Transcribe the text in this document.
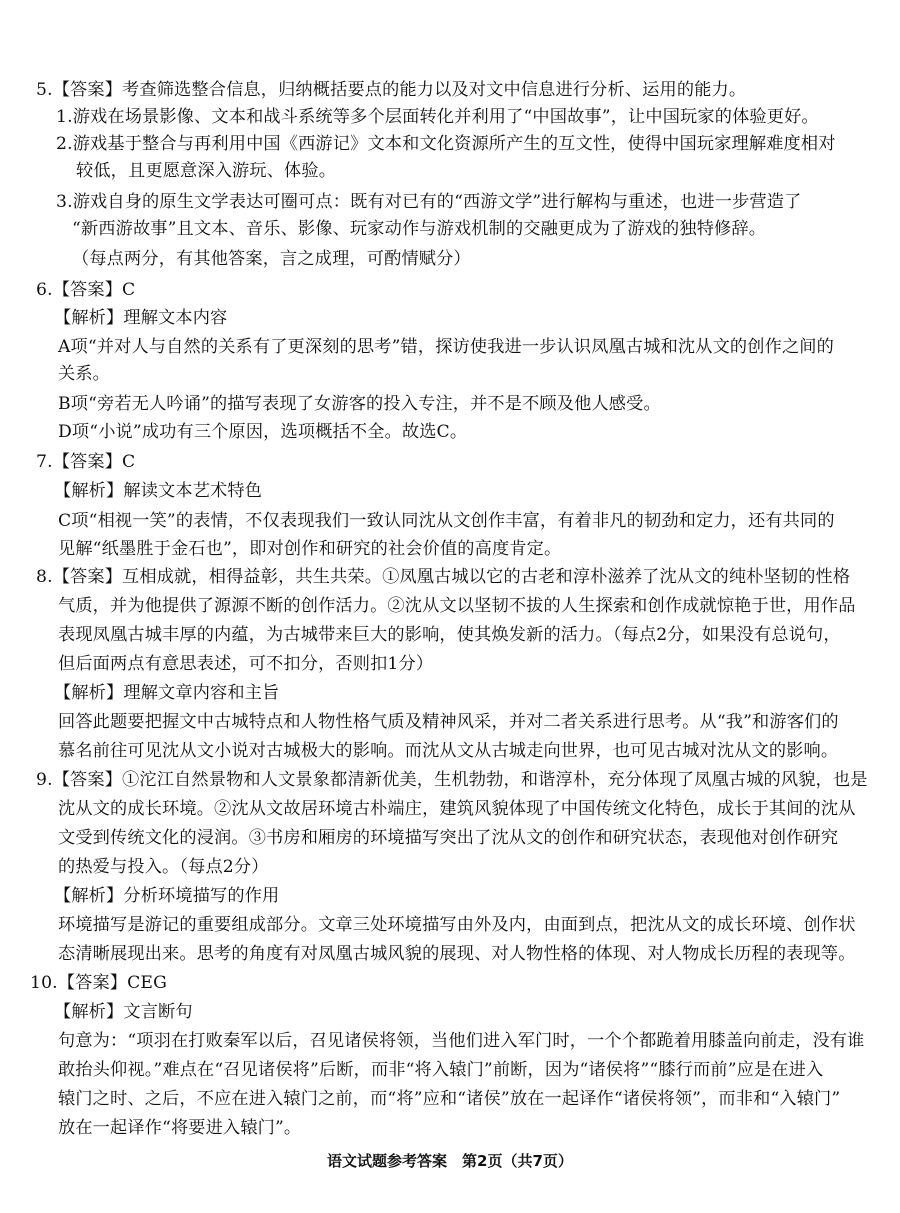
5.【答案】考查筛选整合信息，归纳概括要点的能力以及对文中信息进行分析、运用的能力。
1.游戏在场景影像、文本和战斗系统等多个层面转化并利用了“中国故事”，让中国玩家的体验更好。
2.游戏基于整合与再利用中国《西游记》文本和文化资源所产生的互文性，使得中国玩家理解难度相对
较低，且更愿意深入游玩、体验。
3.游戏自身的原生文学表达可圈可点：既有对已有的“西游文学”进行解构与重述，也进一步营造了
“新西游故事”且文本、音乐、影像、玩家动作与游戏机制的交融更成为了游戏的独特修辞。
（每点两分，有其他答案，言之成理，可酌情赋分）
6.【答案】C
【解析】理解文本内容
A项“并对人与自然的关系有了更深刻的思考”错，探访使我进一步认识凤凰古城和沈从文的创作之间的
关系。
B项“旁若无人吟诵”的描写表现了女游客的投入专注，并不是不顾及他人感受。
D项“小说”成功有三个原因，选项概括不全。故选C。
7.【答案】C
【解析】解读文本艺术特色
C项“相视一笑”的表情，不仅表现我们一致认同沈从文创作丰富，有着非凡的韧劲和定力，还有共同的
见解“纸墨胜于金石也”，即对创作和研究的社会价值的高度肯定。
8.【答案】互相成就，相得益彰，共生共荣。①凤凰古城以它的古老和淳朴滋养了沈从文的纯朴坚韧的性格
气质，并为他提供了源源不断的创作活力。②沈从文以坚韧不拔的人生探索和创作成就惊艳于世，用作品
表现凤凰古城丰厚的内蕴，为古城带来巨大的影响，使其焕发新的活力。（每点2分，如果没有总说句，
但后面两点有意思表述，可不扣分，否则扣1分）
【解析】理解文章内容和主旨
回答此题要把握文中古城特点和人物性格气质及精神风采，并对二者关系进行思考。从“我”和游客们的
慕名前往可见沈从文小说对古城极大的影响。而沈从文从古城走向世界，也可见古城对沈从文的影响。
9.【答案】①沱江自然景物和人文景象都清新优美，生机勃勃，和谐淳朴，充分体现了凤凰古城的风貌，也是
沈从文的成长环境。②沈从文故居环境古朴端庄，建筑风貌体现了中国传统文化特色，成长于其间的沈从
文受到传统文化的浸润。③书房和厢房的环境描写突出了沈从文的创作和研究状态，表现他对创作研究
的热爱与投入。（每点2分）
【解析】分析环境描写的作用
环境描写是游记的重要组成部分。文章三处环境描写由外及内，由面到点，把沈从文的成长环境、创作状
态清晰展现出来。思考的角度有对凤凰古城风貌的展现、对人物性格的体现、对人物成长历程的表现等。
10.【答案】CEG
【解析】文言断句
句意为：“项羽在打败秦军以后，召见诸侯将领，当他们进入军门时，一个个都跪着用膝盖向前走，没有谁
敢抬头仰视。”难点在“召见诸侯将”后断，而非“将入辕门”前断，因为“诸侯将”“膝行而前”应是在进入
辕门之时、之后，不应在进入辕门之前，而“将”应和“诸侯”放在一起译作“诸侯将领”，而非和“入辕门”
放在一起译作“将要进入辕门”。
语文试题参考答案　第2页（共7页）
